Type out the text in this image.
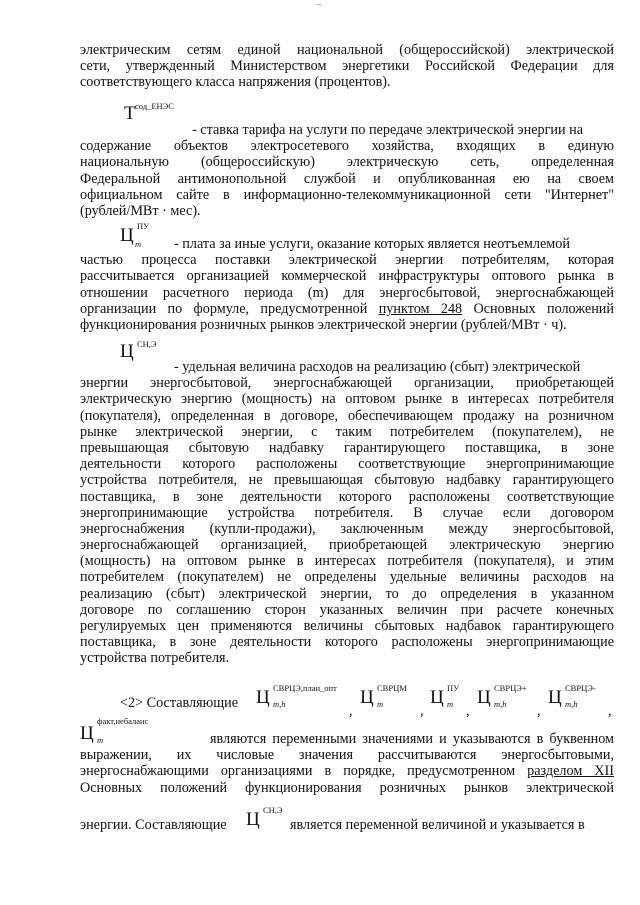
электрическим сетям единой национальной (общероссийской) электрической
сети, утвержденный Министерством энергетики Российской Федерации для
соответствующего класса напряжения (процентов).
T сод_ЕНЭС
- ставка тарифа на услуги по передаче электрической энергии на
содержание объектов электросетевого хозяйства, входящих в единую
национальную (общероссийскую) электрическую сеть, определенная
Федеральной антимонопольной службой и опубликованная ею на своем
официальном сайте в информационно-телекоммуникационной сети "Интернет"
(рублей/МВт · мес).
Ц ПУ
m	- плата за иные услуги, оказание которых является неотъемлемой
частью процесса поставки электрической энергии потребителям, которая
рассчитывается организацией коммерческой инфраструктуры оптового рынка в
отношении расчетного периода (m) для энергосбытовой, энергоснабжающей
организации по формуле, предусмотренной пунктом 248 Основных положений
функционирования розничных рынков электрической энергии (рублей/МВт · ч).
Ц СН,Э
- удельная величина расходов на реализацию (сбыт) электрической
энергии энергосбытовой, энергоснабжающей организации, приобретающей
электрическую энергию (мощность) на оптовом рынке в интересах потребителя
(покупателя), определенная в договоре, обеспечивающем продажу на розничном
рынке электрической энергии, с таким потребителем (покупателем), не
превышающая сбытовую надбавку гарантирующего поставщика, в зоне
деятельности которого расположены соответствующие энергопринимающие
устройства потребителя, не превышающая сбытовую надбавку гарантирующего
поставщика, в зоне деятельности которого расположены соответствующие
энергопринимающие устройства потребителя. В случае если договором
энергоснабжения (купли-продажи), заключенным между энергосбытовой,
энергоснабжающей организацией, приобретающей электрическую энергию
(мощность) на оптовом рынке в интересах потребителя (покупателя), и этим
потребителем (покупателем) не определены удельные величины расходов на
реализацию (сбыт) электрической энергии, то до определения в указанном
договоре по соглашению сторон указанных величин при расчете конечных
регулируемых цен применяются величины сбытовых надбавок гарантирующего
поставщика, в зоне деятельности которого расположены энергопринимающие
устройства потребителя.
<2> Составляющие Ц СВРЦЭ,план_опт
m,h	,
Ц СВРЦМ
m	,
Ц ПУ
m ,
Ц СВРЦЭ+
m,h ,
Ц СВРЦЭ-
m,h ,
Ц
факт,небаланс
m	являются переменными значениями и указываются в буквенном
выражении, их числовые значения рассчитываются энергосбытовыми,
энергоснабжающими организациями в порядке, предусмотренном разделом XII
Основных положений функционирования розничных рынков электрической
энергии. Составляющие Ц СН,Э
является переменной величиной и указывается в
